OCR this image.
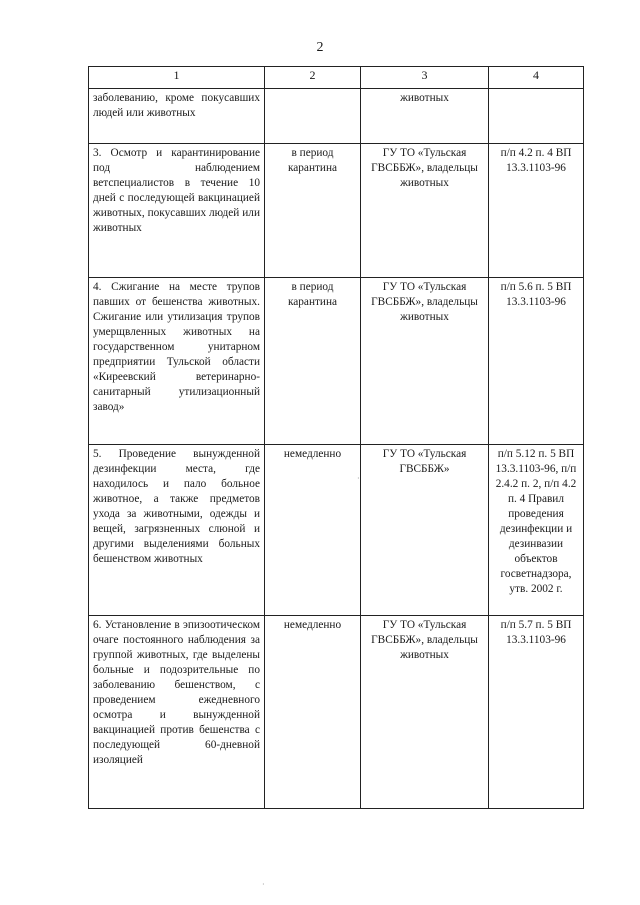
2
1	2	3	4
заболеванию, кроме покусавших людей или животных		животных	
3. Осмотр и карантинирование под наблюдением ветспециалистов в течение 10 дней с последующей вакцинацией животных, покусавших людей или животных	в период карантина	ГУ ТО «Тульская ГВСББЖ», владельцы животных	п/п 4.2 п. 4 ВП 13.3.1103-96
4. Сжигание на месте трупов павших от бешенства животных. Сжигание или утилизация трупов умерщвленных животных на государственном унитарном предприятии Тульской области «Киреевский ветеринарно-санитарный утилизационный завод»	в период карантина	ГУ ТО «Тульская ГВСББЖ», владельцы животных	п/п 5.6 п. 5 ВП 13.3.1103-96
5. Проведение вынужденной дезинфекции места, где находилось и пало больное животное, а также предметов ухода за животными, одежды и вещей, загрязненных слюной и другими выделениями больных бешенством животных	немедленно	ГУ ТО «Тульская ГВСББЖ»	п/п 5.12 п. 5 ВП 13.3.1103-96, п/п 2.4.2 п. 2, п/п 4.2 п. 4 Правил проведения дезинфекции и дезинвазии объектов госветнадзора, утв. 2002 г.
6. Установление в эпизоотическом очаге постоянного наблюдения за группой животных, где выделены больные и подозрительные по заболеванию бешенством, с проведением ежедневного осмотра и вынужденной вакцинацией против бешенства с последующей 60-дневной изоляцией	немедленно	ГУ ТО «Тульская ГВСББЖ», владельцы животных	п/п 5.7 п. 5 ВП 13.3.1103-96
·
·
